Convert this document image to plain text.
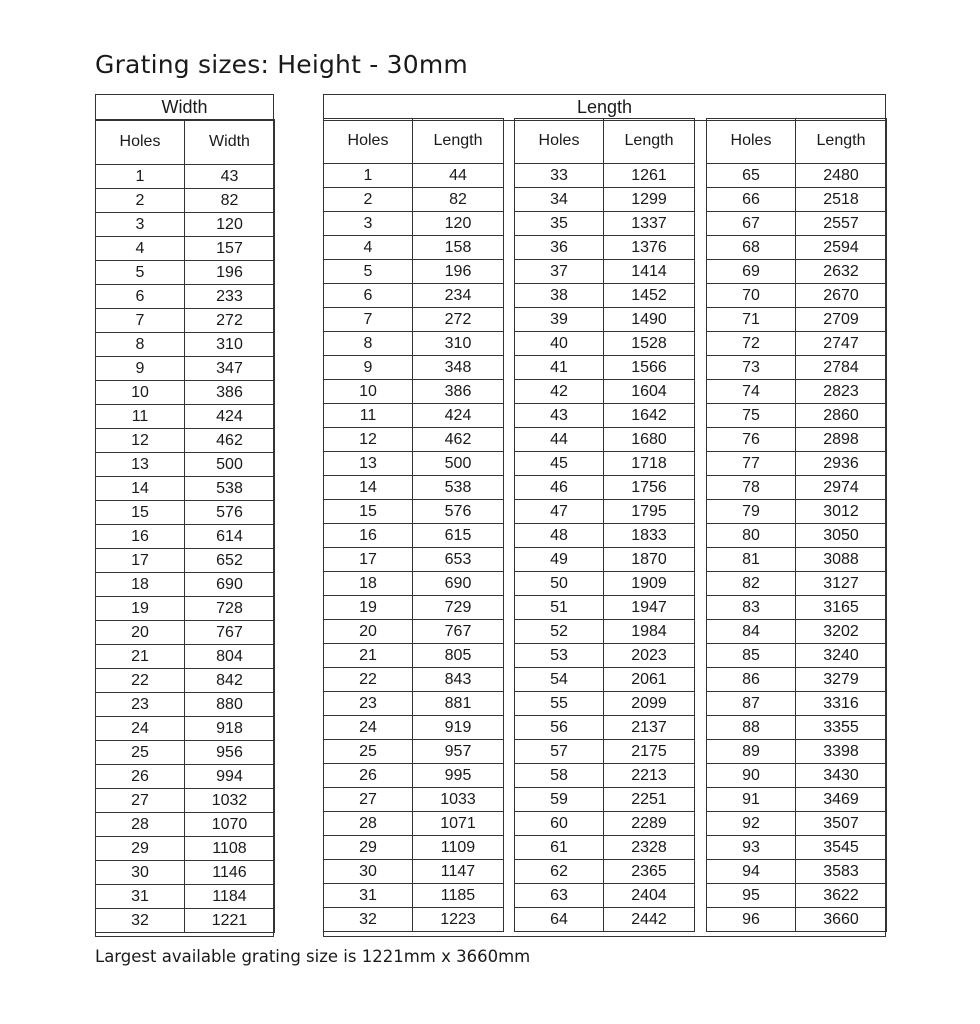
Grating sizes: Height - 30mm
Width
Holes	Width
1	43
2	82
3	120
4	157
5	196
6	233
7	272
8	310
9	347
10	386
11	424
12	462
13	500
14	538
15	576
16	614
17	652
18	690
19	728
20	767
21	804
22	842
23	880
24	918
25	956
26	994
27	1032
28	1070
29	1108
30	1146
31	1184
32	1221
Length
Holes	Length
1	44
2	82
3	120
4	158
5	196
6	234
7	272
8	310
9	348
10	386
11	424
12	462
13	500
14	538
15	576
16	615
17	653
18	690
19	729
20	767
21	805
22	843
23	881
24	919
25	957
26	995
27	1033
28	1071
29	1109
30	1147
31	1185
32	1223
Holes	Length
33	1261
34	1299
35	1337
36	1376
37	1414
38	1452
39	1490
40	1528
41	1566
42	1604
43	1642
44	1680
45	1718
46	1756
47	1795
48	1833
49	1870
50	1909
51	1947
52	1984
53	2023
54	2061
55	2099
56	2137
57	2175
58	2213
59	2251
60	2289
61	2328
62	2365
63	2404
64	2442
Holes	Length
65	2480
66	2518
67	2557
68	2594
69	2632
70	2670
71	2709
72	2747
73	2784
74	2823
75	2860
76	2898
77	2936
78	2974
79	3012
80	3050
81	3088
82	3127
83	3165
84	3202
85	3240
86	3279
87	3316
88	3355
89	3398
90	3430
91	3469
92	3507
93	3545
94	3583
95	3622
96	3660
Largest available grating size is 1221mm x 3660mm
